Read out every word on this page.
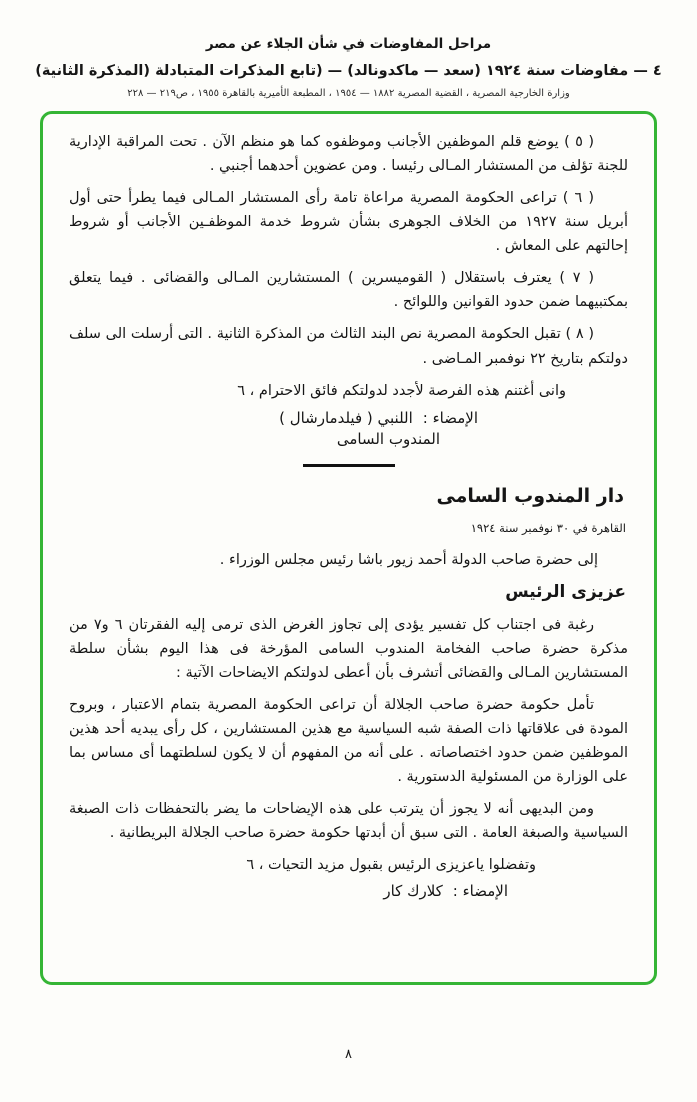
مراحل المفاوضات في شأن الجلاء عن مصر
٤ — مفاوضات سنة ١٩٢٤ (سعد — ماكدونالد) — (تابع المذكرات المتبادلة (المذكرة الثانية)
وزارة الخارجية المصرية ، القضية المصرية ١٨٨٢ — ١٩٥٤ ، المطبعة الأميرية بالقاهرة ١٩٥٥ ، ص٢١٩ — ٢٢٨

( ٥ ) يوضع قلم الموظفين الأجانب وموظفوه كما هو منظم الآن . تحت المراقبة الإدارية للجنة تؤلف من المستشار المـالى رئيسا . ومن عضوين أحدهما أجنبي .

( ٦ ) تراعى الحكومة المصرية مراعاة تامة رأى المستشار المـالى فيما يطرأ حتى أول أبريل سنة ١٩٢٧ من الخلاف الجوهرى بشأن شروط خدمة الموظفـين الأجانب أو شروط إحالتهم على المعاش .

( ٧ ) يعترف باستقلال ( القوميسرين ) المستشارين المـالى والقضائى . فيما يتعلق بمكتبيهما ضمن حدود القوانين واللوائح .

( ٨ ) تقبل الحكومة المصرية نص البند الثالث من المذكرة الثانية . التى أرسلت الى سلف دولتكم بتاريخ ٢٢ نوفمبر المـاضى .

وانى أغتنم هذه الفرصة لأجدد لدولتكم فائق الاحترام ، ٦

الإمضاء :اللنبي ( فيلدمارشال )
المندوب السامى
دار المندوب السامى
القاهرة في ٣٠ نوفمبر سنة ١٩٢٤

إلى حضرة صاحب الدولة أحمد زيور باشا رئيس مجلس الوزراء .

عزيزى الرئيس

رغبة فى اجتناب كل تفسير يؤدى إلى تجاوز الغرض الذى ترمى إليه الفقرتان ٦ و٧ من مذكرة حضرة صاحب الفخامة المندوب السامى المؤرخة فى هذا اليوم بشأن سلطة المستشارين المـالى والقضائى أتشرف بأن أعطى لدولتكم الايضاحات الآتية :

تأمل حكومة حضرة صاحب الجلالة أن تراعى الحكومة المصرية بتمام الاعتبار ، وبروح المودة فى علاقاتها ذات الصفة شبه السياسية مع هذين المستشارين ، كل رأى يبديه أحد هذين الموظفين ضمن حدود اختصاصاته . على أنه من المفهوم أن لا يكون لسلطتهما أى مساس بما على الوزارة من المسئولية الدستورية .

ومن البديهى أنه لا يجوز أن يترتب على هذه الإيضاحات ما يضر بالتحفظات ذات الصبغة السياسية والصبغة العامة . التى سبق أن أبدتها حكومة حضرة صاحب الجلالة البريطانية .

وتفضلوا ياعزيزى الرئيس بقبول مزيد التحيات ، ٦

الإمضاء :كلارك كار
٨
